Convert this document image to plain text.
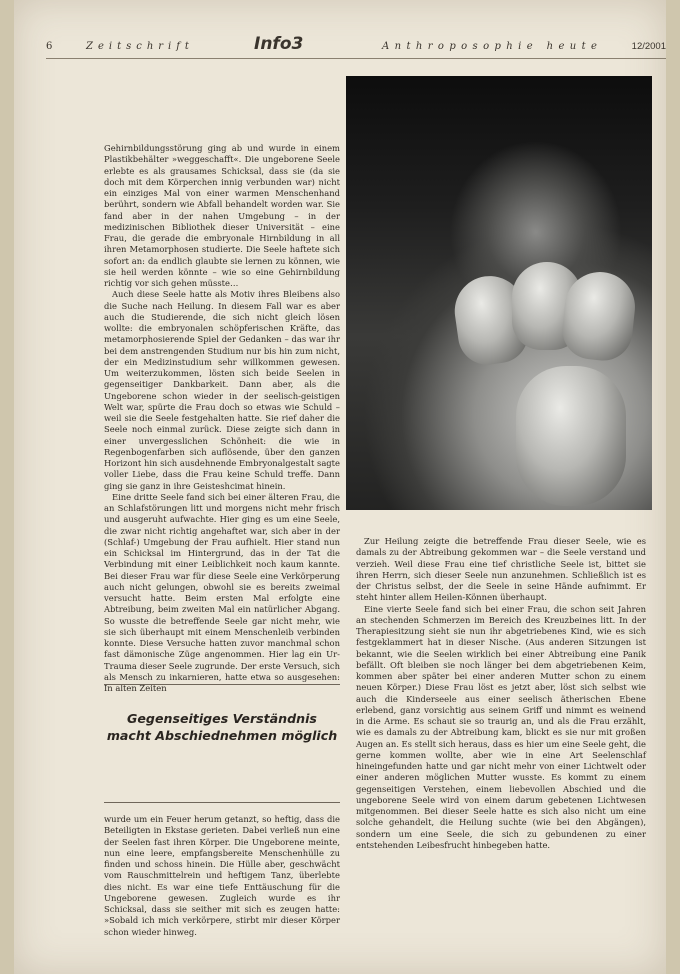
6	Zeitschrift	Info3	Anthroposophie heute	12/2001

Gehirnbildungsstörung ging ab und wurde in einem Plastikbehälter »weggeschafft«. Die ungeborene Seele erlebte es als grausames Schicksal, dass sie (da sie doch mit dem Körperchen innig verbunden war) nicht ein einziges Mal von einer warmen Menschenhand berührt, sondern wie Abfall behandelt worden war. Sie fand aber in der nahen Umgebung – in der medizinischen Bibliothek dieser Universität – eine Frau, die gerade die embryonale Hirnbildung in all ihren Metamorphosen studierte. Die Seele haftete sich sofort an: da endlich glaubte sie lernen zu können, wie sie heil werden könnte – wie so eine Gehirnbildung richtig vor sich gehen müsste…

Auch diese Seele hatte als Motiv ihres Bleibens also die Suche nach Heilung. In diesem Fall war es aber auch die Studierende, die sich nicht gleich lösen wollte: die embryonalen schöpferischen Kräfte, das metamorphosierende Spiel der Gedanken – das war ihr bei dem anstrengenden Studium nur bis hin zum nicht, der ein Medizinstudium sehr willkommen gewesen. Um weiterzukommen, lösten sich beide Seelen in gegenseitiger Dankbarkeit. Dann aber, als die Ungeborene schon wieder in der seelisch-geistigen Welt war, spürte die Frau doch so etwas wie Schuld – weil sie die Seele festgehalten hatte. Sie rief daher die Seele noch einmal zurück. Diese zeigte sich dann in einer unvergesslichen Schönheit: die wie in Regenbogenfarben sich auflösende, über den ganzen Horizont hin sich ausdehnende Embryonalgestalt sagte voller Liebe, dass die Frau keine Schuld treffe. Dann ging sie ganz in ihre Geisteshcimat hinein.

Eine dritte Seele fand sich bei einer älteren Frau, die an Schlafstörungen litt und morgens nicht mehr frisch und ausgeruht aufwachte. Hier ging es um eine Seele, die zwar nicht richtig angehaftet war, sich aber in der (Schlaf-) Umgebung der Frau aufhielt. Hier stand nun ein Schicksal im Hintergrund, das in der Tat die Verbindung mit einer Leiblichkeit noch kaum kannte. Bei dieser Frau war für diese Seele eine Verkörperung auch nicht gelungen, obwohl sie es bereits zweimal versucht hatte. Beim ersten Mal erfolgte eine Abtreibung, beim zweiten Mal ein natürlicher Abgang. So wusste die betreffende Seele gar nicht mehr, wie sie sich überhaupt mit einem Menschenleib verbinden konnte. Diese Versuche hatten zuvor manchmal schon fast dämonische Züge angenommen. Hier lag ein Ur-Trauma dieser Seele zugrunde. Der erste Versuch, sich als Mensch zu inkarnieren, hatte etwa so ausgesehen: In alten Zeiten

Gegenseitiges Verständnis
macht Abschiednehmen möglich

wurde um ein Feuer herum getanzt, so heftig, dass die Beteiligten in Ekstase gerieten. Dabei verließ nun eine der Seelen fast ihren Körper. Die Ungeborene meinte, nun eine leere, empfangsbereite Menschenhülle zu finden und schoss hinein. Die Hülle aber, geschwächt vom Rauschmittelrein und heftigem Tanz, überlebte dies nicht. Es war eine tiefe Enttäuschung für die Ungeborene gewesen. Zugleich wurde es ihr Schicksal, dass sie seither mit sich es zeugen hatte: »Sobald ich mich verkörpere, stirbt mir dieser Körper schon wieder hinweg.

Zur Heilung zeigte die betreffende Frau dieser Seele, wie es damals zu der Abtreibung gekommen war – die Seele verstand und verzieh. Weil diese Frau eine tief christliche Seele ist, bittet sie ihren Herrn, sich dieser Seele nun anzunehmen. Schließlich ist es der Christus selbst, der die Seele in seine Hände aufnimmt. Er steht hinter allem Heilen-Können überhaupt.

Eine vierte Seele fand sich bei einer Frau, die schon seit Jahren an stechenden Schmerzen im Bereich des Kreuzbeines litt. In der Therapiesitzung sieht sie nun ihr abgetriebenes Kind, wie es sich festgeklammert hat in dieser Nische. (Aus anderen Sitzungen ist bekannt, wie die Seelen wirklich bei einer Abtreibung eine Panik befällt. Oft bleiben sie noch länger bei dem abgetriebenen Keim, kommen aber später bei einer anderen Mutter schon zu einem neuen Körper.) Diese Frau löst es jetzt aber, löst sich selbst wie auch die Kinderseele aus einer seelisch ätherischen Ebene erlebend, ganz vorsichtig aus seinem Griff und nimmt es weinend in die Arme. Es schaut sie so traurig an, und als die Frau erzählt, wie es damals zu der Abtreibung kam, blickt es sie nur mit großen Augen an. Es stellt sich heraus, dass es hier um eine Seele geht, die gerne kommen wollte, aber wie in eine Art Seelenschlaf hineingefunden hatte und gar nicht mehr von einer Lichtwelt oder einer anderen möglichen Mutter wusste. Es kommt zu einem gegenseitigen Verstehen, einem liebevollen Abschied und die ungeborene Seele wird von einem darum gebetenen Lichtwesen mitgenommen. Bei dieser Seele hatte es sich also nicht um eine solche gehandelt, die Heilung suchte (wie bei den Abgängen), sondern um eine Seele, die sich zu gebundenen zu einer entstehenden Leibesfrucht hinbegeben hatte.
